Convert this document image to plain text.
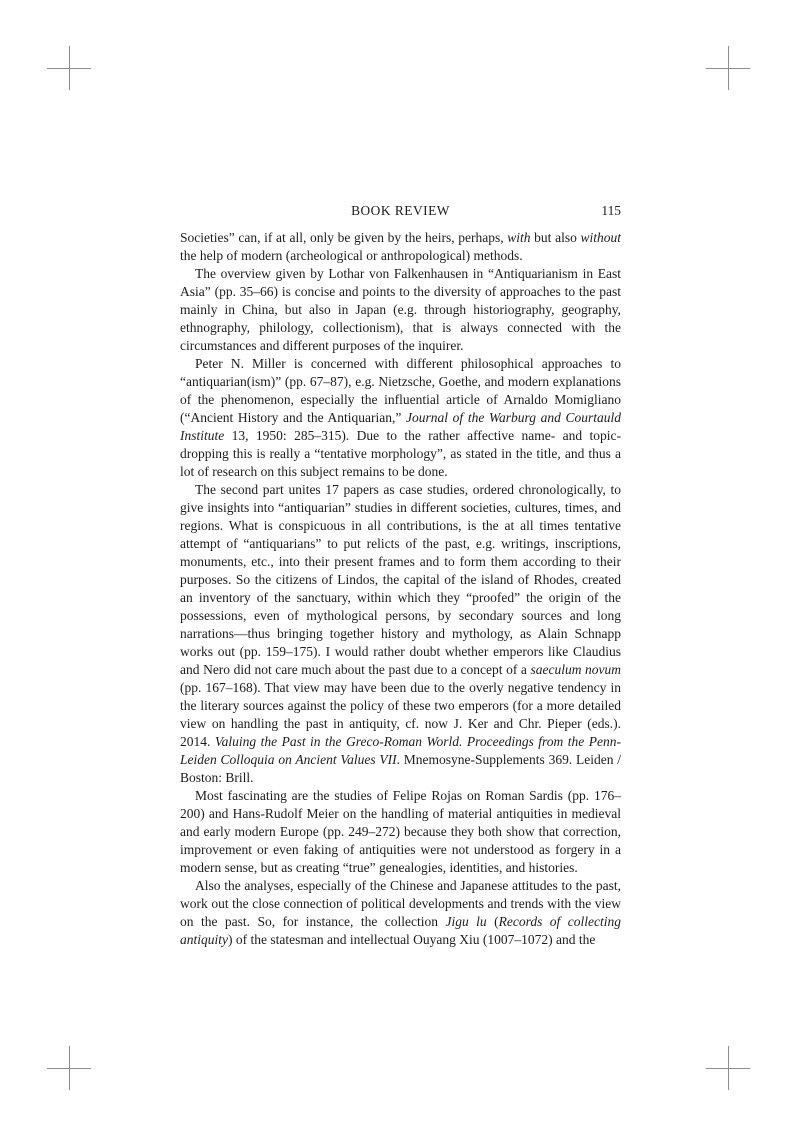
BOOK REVIEW	115

Societies” can, if at all, only be given by the heirs, perhaps, with but also without the help of modern (archeological or anthropological) methods.

The overview given by Lothar von Falkenhausen in “Antiquarianism in East Asia” (pp. 35–66) is concise and points to the diversity of approaches to the past mainly in China, but also in Japan (e.g. through historiography, geography, ethnography, philology, collectionism), that is always connected with the circumstances and different purposes of the inquirer.

Peter N. Miller is concerned with different philosophical approaches to “antiquarian(ism)” (pp. 67–87), e.g. Nietzsche, Goethe, and modern explanations of the phenomenon, especially the influential article of Arnaldo Momigliano (“Ancient History and the Antiquarian,” Journal of the Warburg and Courtauld Institute 13, 1950: 285–315). Due to the rather affective name- and topic-dropping this is really a “tentative morphology”, as stated in the title, and thus a lot of research on this subject remains to be done.

The second part unites 17 papers as case studies, ordered chronologically, to give insights into “antiquarian” studies in different societies, cultures, times, and regions. What is conspicuous in all contributions, is the at all times tentative attempt of “antiquarians” to put relicts of the past, e.g. writings, inscriptions, monuments, etc., into their present frames and to form them according to their purposes. So the citizens of Lindos, the capital of the island of Rhodes, created an inventory of the sanctuary, within which they “proofed” the origin of the possessions, even of mythological persons, by secondary sources and long narrations—thus bringing together history and mythology, as Alain Schnapp works out (pp. 159–175). I would rather doubt whether emperors like Claudius and Nero did not care much about the past due to a concept of a saeculum novum (pp. 167–168). That view may have been due to the overly negative tendency in the literary sources against the policy of these two emperors (for a more detailed view on handling the past in antiquity, cf. now J. Ker and Chr. Pieper (eds.). 2014. Valuing the Past in the Greco-Roman World. Proceedings from the Penn-Leiden Colloquia on Ancient Values VII. Mnemosyne-Supplements 369. Leiden / Boston: Brill.

Most fascinating are the studies of Felipe Rojas on Roman Sardis (pp. 176–200) and Hans-Rudolf Meier on the handling of material antiquities in medieval and early modern Europe (pp. 249–272) because they both show that correction, improvement or even faking of antiquities were not understood as forgery in a modern sense, but as creating “true” genealogies, identities, and histories.

Also the analyses, especially of the Chinese and Japanese attitudes to the past, work out the close connection of political developments and trends with the view on the past. So, for instance, the collection Jigu lu (Records of collecting antiquity) of the statesman and intellectual Ouyang Xiu (1007–1072) and the
